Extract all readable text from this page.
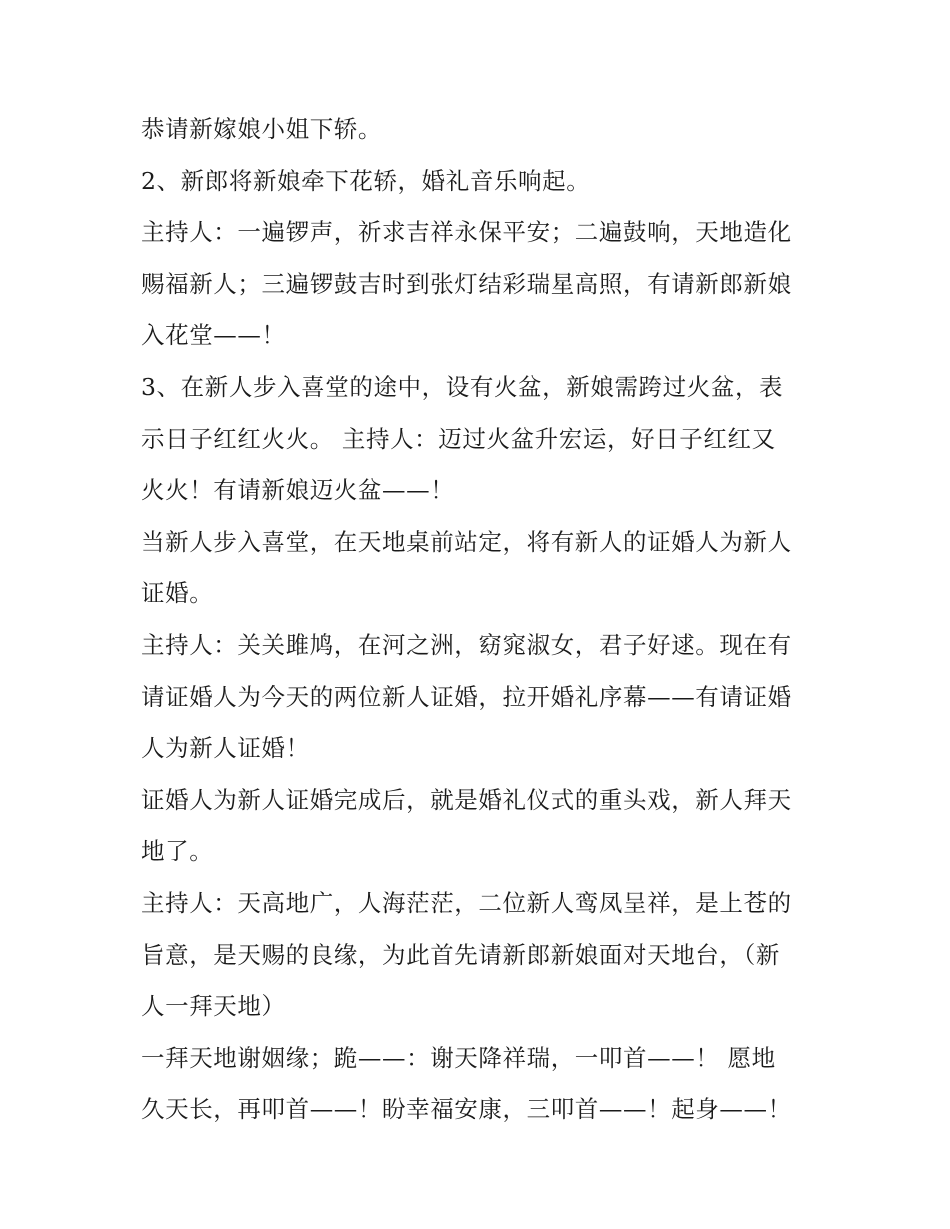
恭请新嫁娘小姐下轿。
2、新郎将新娘牵下花轿，婚礼音乐响起。
主持人：一遍锣声，祈求吉祥永保平安；二遍鼓响，天地造化
赐福新人；三遍锣鼓吉时到张灯结彩瑞星高照，有请新郎新娘
入花堂——！
3、在新人步入喜堂的途中，设有火盆，新娘需跨过火盆，表
示日子红红火火。 主持人：迈过火盆升宏运，好日子红红又
火火！有请新娘迈火盆——！
当新人步入喜堂，在天地桌前站定，将有新人的证婚人为新人
证婚。
主持人：关关雎鸠，在河之洲，窈窕淑女，君子好逑。现在有
请证婚人为今天的两位新人证婚，拉开婚礼序幕——有请证婚
人为新人证婚！
证婚人为新人证婚完成后，就是婚礼仪式的重头戏，新人拜天
地了。
主持人：天高地广，人海茫茫，二位新人鸾凤呈祥，是上苍的
旨意，是天赐的良缘，为此首先请新郎新娘面对天地台，（新
人一拜天地）
一拜天地谢姻缘；跪——：谢天降祥瑞，一叩首——！ 愿地
久天长，再叩首——！盼幸福安康，三叩首——！起身——！
